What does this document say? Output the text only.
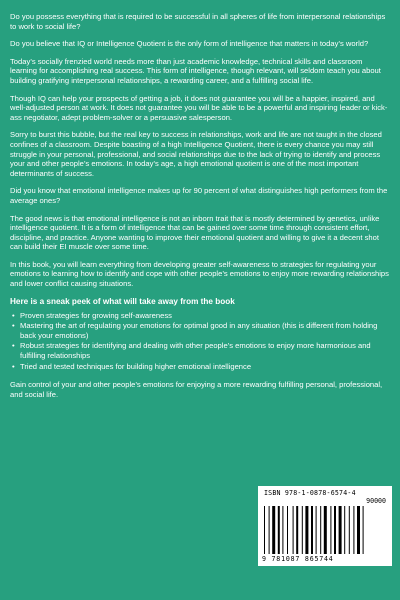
Do you possess everything that is required to be successful in all spheres of life from interpersonal relationships to work to social life?

Do you believe that IQ or Intelligence Quotient is the only form of intelligence that matters in today’s world?

Today’s socially frenzied world needs more than just academic knowledge, technical skills and classroom learning for accomplishing real success. This form of intelligence, though relevant, will seldom teach you about building gratifying interpersonal relationships, a rewarding career, and a fulfilling social life.

Though IQ can help your prospects of getting a job, it does not guarantee you will be a happier, inspired, and well-adjusted person at work. It does not guarantee you will be able to be a powerful and inspiring leader or kick-ass negotiator, adept problem-solver or a persuasive salesperson.

Sorry to burst this bubble, but the real key to success in relationships, work and life are not taught in the closed confines of a classroom. Despite boasting of a high Intelligence Quotient, there is every chance you may still struggle in your personal, professional, and social relationships due to the lack of trying to identify and process your and other people’s emotions. In today’s age, a high emotional quotient is one of the most important determinants of success.

Did you know that emotional intelligence makes up for 90 percent of what distinguishes high performers from the average ones?

The good news is that emotional intelligence is not an inborn trait that is mostly determined by genetics, unlike intelligence quotient. It is a form of intelligence that can be gained over some time through consistent effort, discipline, and practice. Anyone wanting to improve their emotional quotient and willing to give it a decent shot can build their EI muscle over some time.

In this book, you will learn everything from developing greater self-awareness to strategies for regulating your emotions to learning how to identify and cope with other people’s emotions to enjoy more rewarding relationships and lower conflict causing situations.

Here is a sneak peek of what will take away from the book
• Proven strategies for growing self-awareness
• Mastering the art of regulating your emotions for optimal good in any situation (this is different from holding back your emotions)
• Robust strategies for identifying and dealing with other people’s emotions to enjoy more harmonious and fulfilling relationships
• Tried and tested techniques for building higher emotional intelligence

Gain control of your and other people’s emotions for enjoying a more rewarding fulfilling personal, professional, and social life.

ISBN 978-1-0878-6574-4
90000
9 781087 865744
